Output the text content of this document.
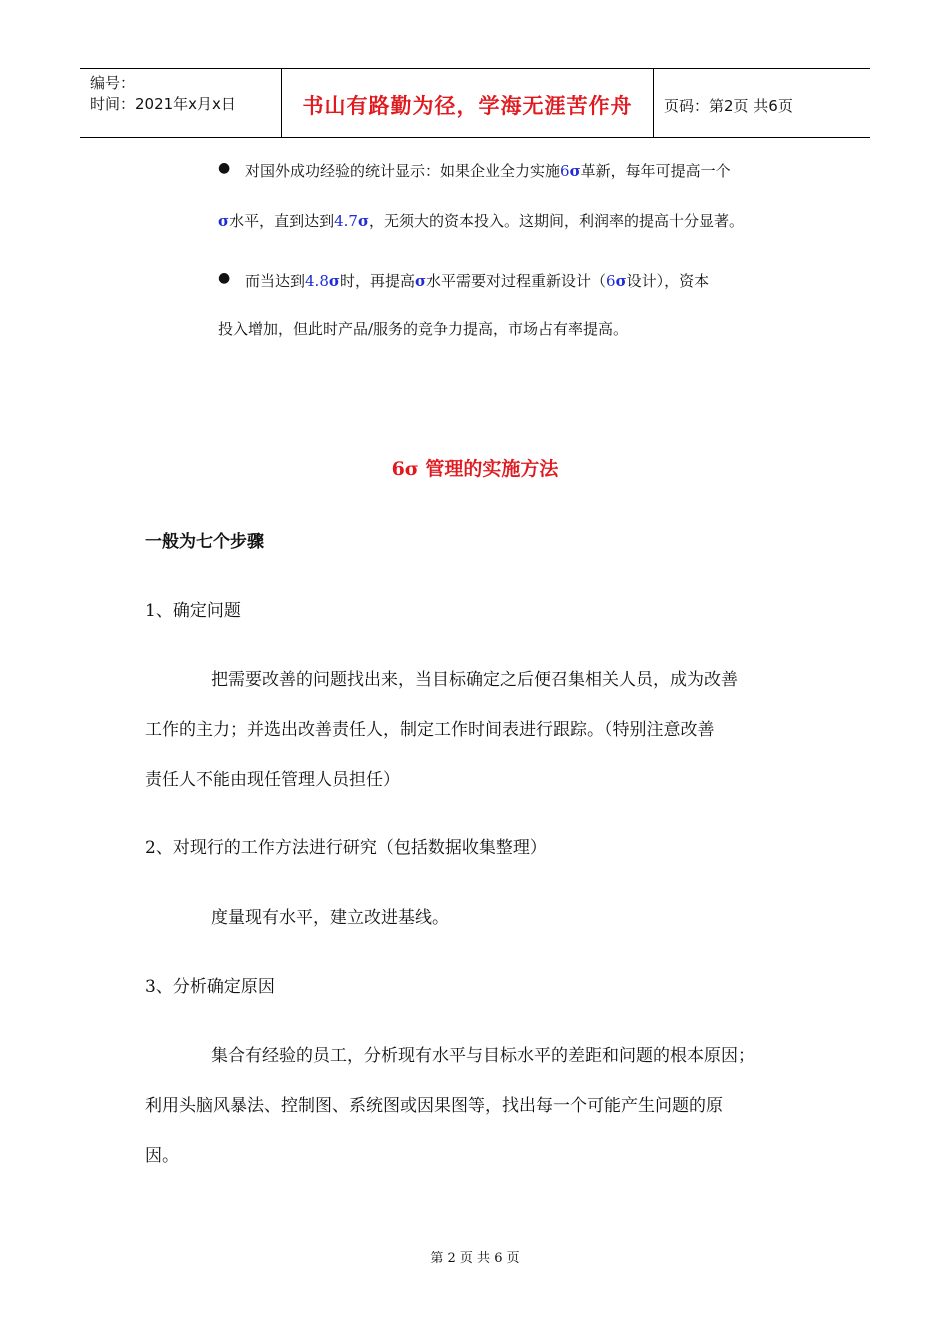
编号：
时间：2021年x月x日	书山有路勤为径，学海无涯苦作舟	页码：第2页 共6页
● 对国外成功经验的统计显示：如果企业全力实施6σ革新，每年可提高一个
σ水平，直到达到4.7σ，无须大的资本投入。这期间，利润率的提高十分显著。
● 而当达到4.8σ时，再提高σ水平需要对过程重新设计（6σ设计），资本
投入增加，但此时产品/服务的竞争力提高，市场占有率提高。
6σ 管理的实施方法
一般为七个步骤
1、确定问题
把需要改善的问题找出来，当目标确定之后便召集相关人员，成为改善
工作的主力；并选出改善责任人，制定工作时间表进行跟踪。（特别注意改善
责任人不能由现任管理人员担任）
2、对现行的工作方法进行研究（包括数据收集整理）
度量现有水平，建立改进基线。
3、分析确定原因
集合有经验的员工，分析现有水平与目标水平的差距和问题的根本原因；
利用头脑风暴法、控制图、系统图或因果图等，找出每一个可能产生问题的原
因。
第 2 页 共 6 页
